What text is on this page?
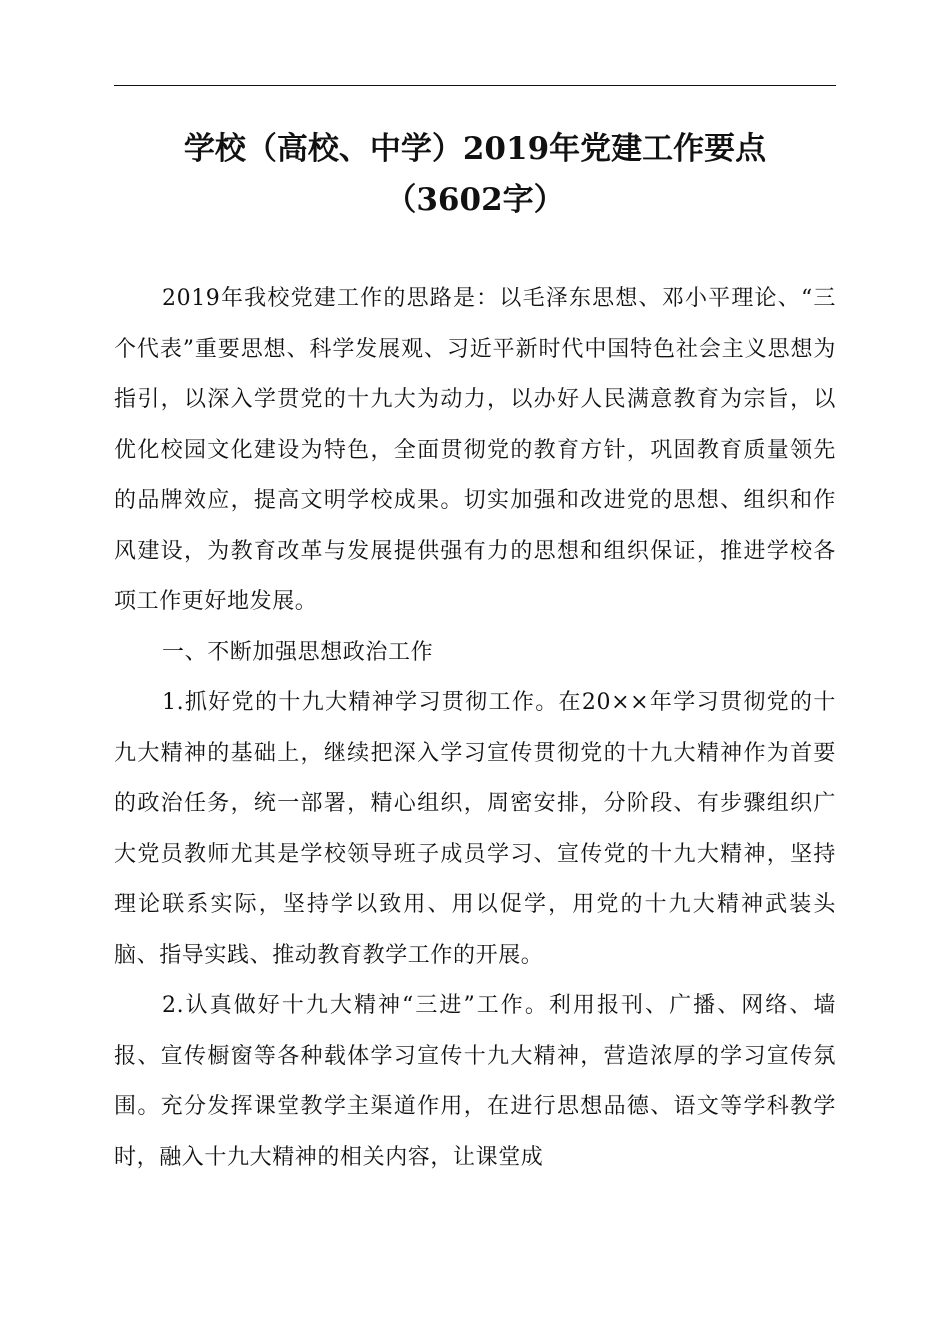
学校（高校、中学）2019年党建工作要点
（3602字）

2019年我校党建工作的思路是：以毛泽东思想、邓小平理论、“三个代表”重要思想、科学发展观、习近平新时代中国特色社会主义思想为指引，以深入学贯党的十九大为动力，以办好人民满意教育为宗旨，以优化校园文化建设为特色，全面贯彻党的教育方针，巩固教育质量领先的品牌效应，提高文明学校成果。切实加强和改进党的思想、组织和作风建设，为教育改革与发展提供强有力的思想和组织保证，推进学校各项工作更好地发展。

一、不断加强思想政治工作

1.抓好党的十九大精神学习贯彻工作。在20××年学习贯彻党的十九大精神的基础上，继续把深入学习宣传贯彻党的十九大精神作为首要的政治任务，统一部署，精心组织，周密安排，分阶段、有步骤组织广大党员教师尤其是学校领导班子成员学习、宣传党的十九大精神，坚持理论联系实际，坚持学以致用、用以促学，用党的十九大精神武装头脑、指导实践、推动教育教学工作的开展。

2.认真做好十九大精神“三进”工作。利用报刊、广播、网络、墙报、宣传橱窗等各种载体学习宣传十九大精神，营造浓厚的学习宣传氛围。充分发挥课堂教学主渠道作用，在进行思想品德、语文等学科教学时，融入十九大精神的相关内容，让课堂成
